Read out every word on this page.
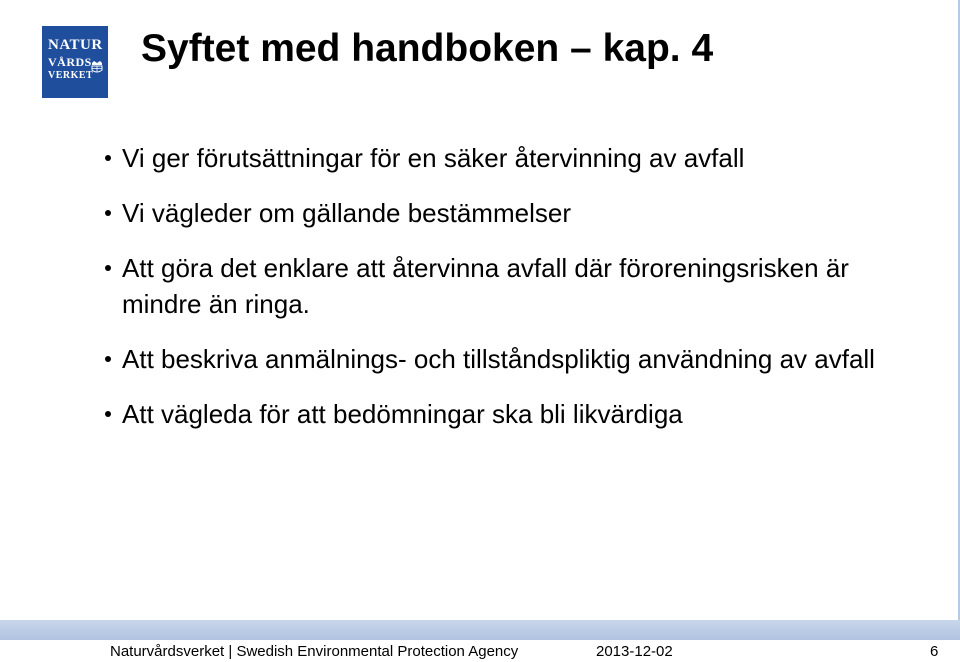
NATUR
VÅRDS
VERKET
Syftet med handboken – kap. 4
Vi ger förutsättningar för en säker återvinning av avfall
Vi vägleder om gällande bestämmelser
Att göra det enklare att återvinna avfall där föroreningsrisken är mindre än ringa.
Att beskriva anmälnings- och tillståndspliktig användning av avfall
Att vägleda för att bedömningar ska bli likvärdiga
Naturvårdsverket | Swedish Environmental Protection Agency	2013-12-02	6
